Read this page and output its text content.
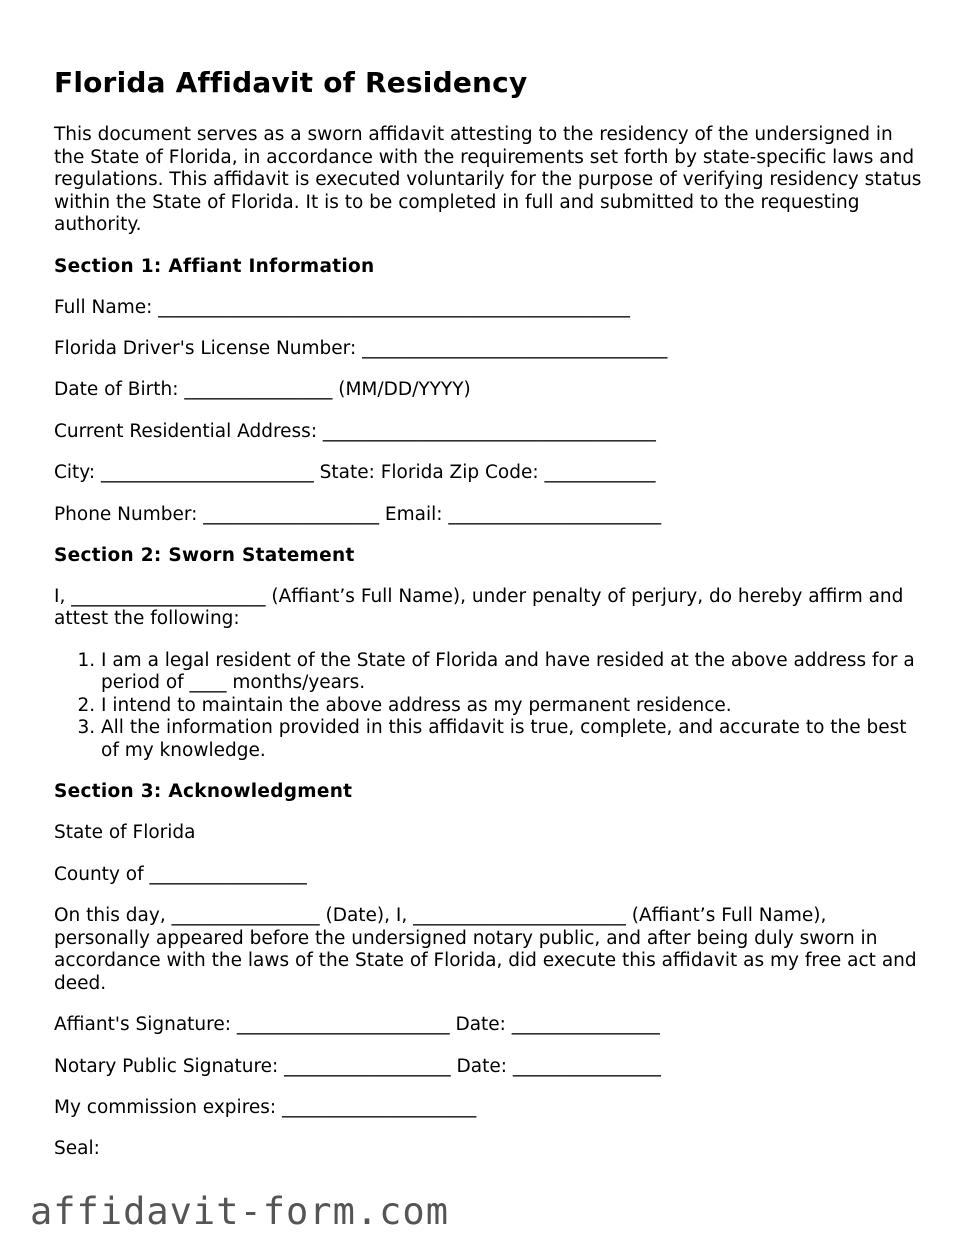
Florida Affidavit of Residency

This document serves as a sworn affidavit attesting to the residency of the undersigned in the State of Florida, in accordance with the requirements set forth by state-specific laws and regulations. This affidavit is executed voluntarily for the purpose of verifying residency status within the State of Florida. It is to be completed in full and submitted to the requesting authority.

Section 1: Affiant Information

Full Name: ___________________________________________________

Florida Driver's License Number: _________________________________

Date of Birth: ________________ (MM/DD/YYYY)

Current Residential Address: ____________________________________

City: _______________________ State: Florida Zip Code: ____________

Phone Number: ___________________ Email: _______________________

Section 2: Sworn Statement

I, _____________________ (Affiant’s Full Name), under penalty of perjury, do hereby affirm and attest the following:

1. I am a legal resident of the State of Florida and have resided at the above address for a period of ____ months/years.
2. I intend to maintain the above address as my permanent residence.
3. All the information provided in this affidavit is true, complete, and accurate to the best of my knowledge.
Section 3: Acknowledgment

State of Florida

County of _________________

On this day, ________________ (Date), I, _______________________ (Affiant’s Full Name), personally appeared before the undersigned notary public, and after being duly sworn in accordance with the laws of the State of Florida, did execute this affidavit as my free act and deed.

Affiant's Signature: _______________________ Date: ________________

Notary Public Signature: __________________ Date: ________________

My commission expires: _____________________

Seal:

affidavit-form.com
